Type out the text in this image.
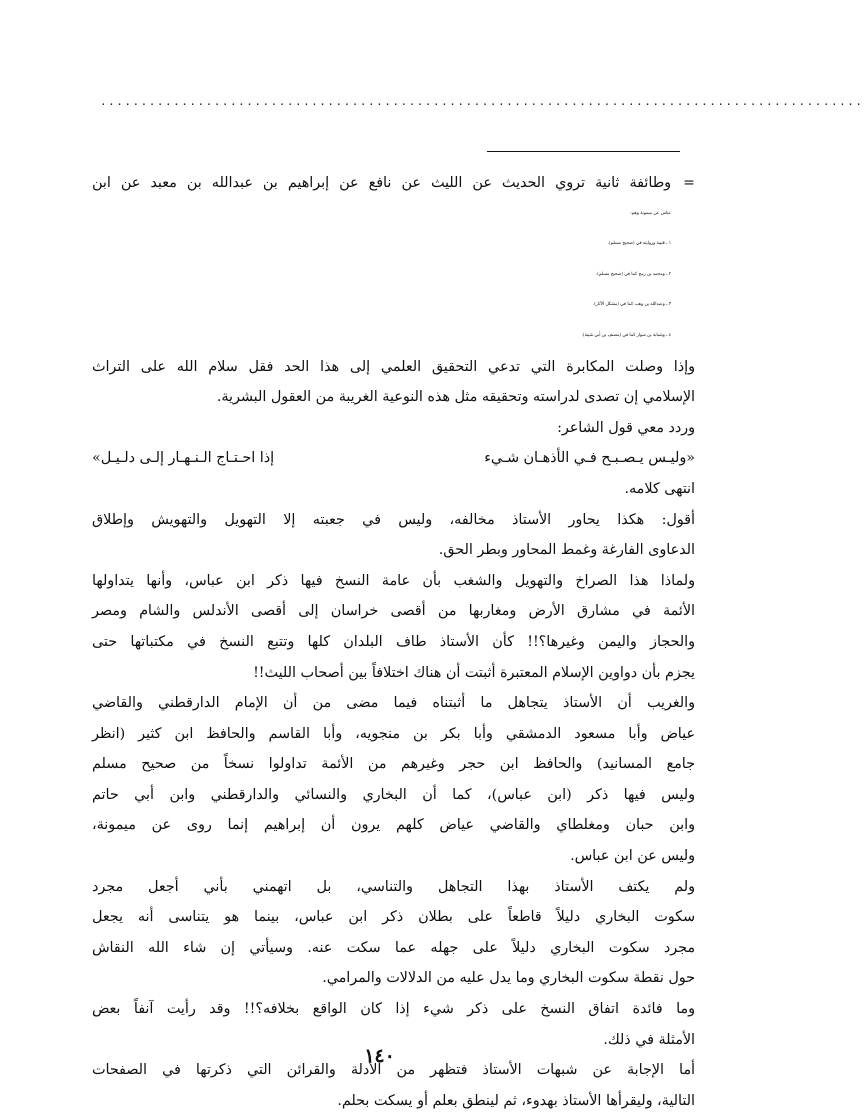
..............................................................................................
=
وطائفة ثانية تروي الحديث عن الليث عن نافع عن إبراهيم بن عبدالله بن معبد عن ابن
عباس عن ميمونة وهم:
١ ـ قتيبة وروايته في (صحيح مسلم).
٢ ـ ومحمد بن رمح كما في (صحيح مسلم).
٣ ـ وعبدالله بن وهب كما في (مشكل الآثار).
٤ ـ وشبابة بن سوار كما في (مصنف بن أبي شيبة).
وإذا وصلت المكابرة التي تدعي التحقيق العلمي إلى هذا الحد فقل سلام الله على التراث
الإسلامي إن تصدى لدراسته وتحقيقه مثل هذه النوعية الغريبة من العقول البشرية.
وردد معي قول الشاعر:
«وليـس يـصـبـح فـي الأذهـان شـيء
إذا احـتـاج الـنـهـار إلـى دلـيـل»
انتهى كلامه.
أقول: هكذا يحاور الأستاذ مخالفه، وليس في جعبته إلا التهويل والتهويش وإطلاق
الدعاوى الفارغة وغمط المحاور وبطر الحق.
ولماذا هذا الصراخ والتهويل والشغب بأن عامة النسخ فيها ذكر ابن عباس، وأنها يتداولها
الأئمة في مشارق الأرض ومغاربها من أقصى خراسان إلى أقصى الأندلس والشام ومصر
والحجاز واليمن وغيرها؟!! كأن الأستاذ طاف البلدان كلها وتتبع النسخ في مكتباتها حتى
يجزم بأن دواوين الإسلام المعتبرة أثبتت أن هناك اختلافاً بين أصحاب الليث!!
والغريب أن الأستاذ يتجاهل ما أثبتناه فيما مضى من أن الإمام الدارقطني والقاضي
عياض وأبا مسعود الدمشقي وأبا بكر بن منجويه، وأبا القاسم والحافظ ابن كثير (انظر
جامع المسانيد) والحافظ ابن حجر وغيرهم من الأئمة تداولوا نسخاً من صحيح مسلم
وليس فيها ذكر (ابن عباس)، كما أن البخاري والنسائي والدارقطني وابن أبي حاتم
وابن حبان ومغلطاي والقاضي عياض كلهم يرون أن إبراهيم إنما روى عن ميمونة،
وليس عن ابن عباس.
ولم يكتف الأستاذ بهذا التجاهل والتناسي، بل اتهمني بأني أجعل مجرد
سكوت البخاري دليلاً قاطعاً على بطلان ذكر ابن عباس، بينما هو يتناسى أنه يجعل
مجرد سكوت البخاري دليلاً على جهله عما سكت عنه. وسيأتي إن شاء الله النقاش
حول نقطة سكوت البخاري وما يدل عليه من الدلالات والمرامي.
وما فائدة اتفاق النسخ على ذكر شيء إذا كان الواقع بخلافه؟!! وقد رأيت آنفاً بعض
الأمثلة في ذلك.
أما الإجابة عن شبهات الأستاذ فتظهر من الأدلة والقرائن التي ذكرتها في الصفحات
التالية، وليقرأها الأستاذ بهدوء، ثم لينطق بعلم أو يسكت بحلم.
١٤٠
